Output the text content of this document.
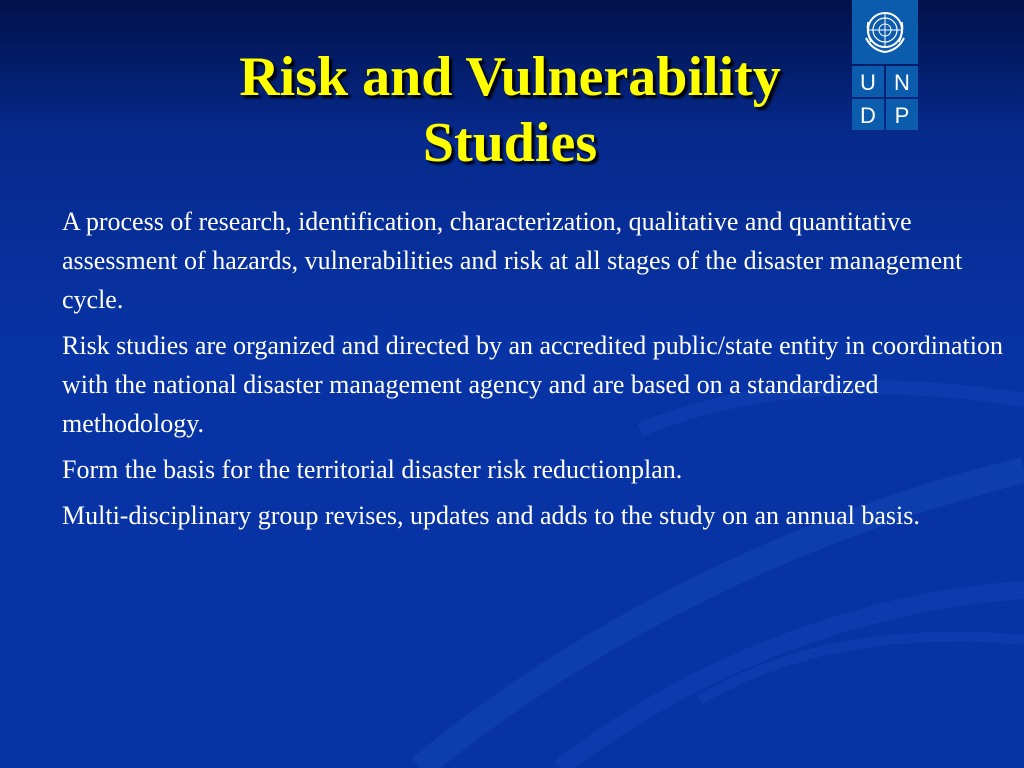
Risk and Vulnerability
Studies
U N
D P
A process of research, identification, characterization, qualitative and quantitative assessment of hazards, vulnerabilities and risk at all stages of the disaster management cycle.
Risk studies are organized and directed by an accredited public/state entity in coordination with the national disaster management agency and are based on a standardized methodology.
Form the basis for the territorial disaster risk reductionplan.
Multi-disciplinary group revises, updates and adds to the study on an annual basis.
